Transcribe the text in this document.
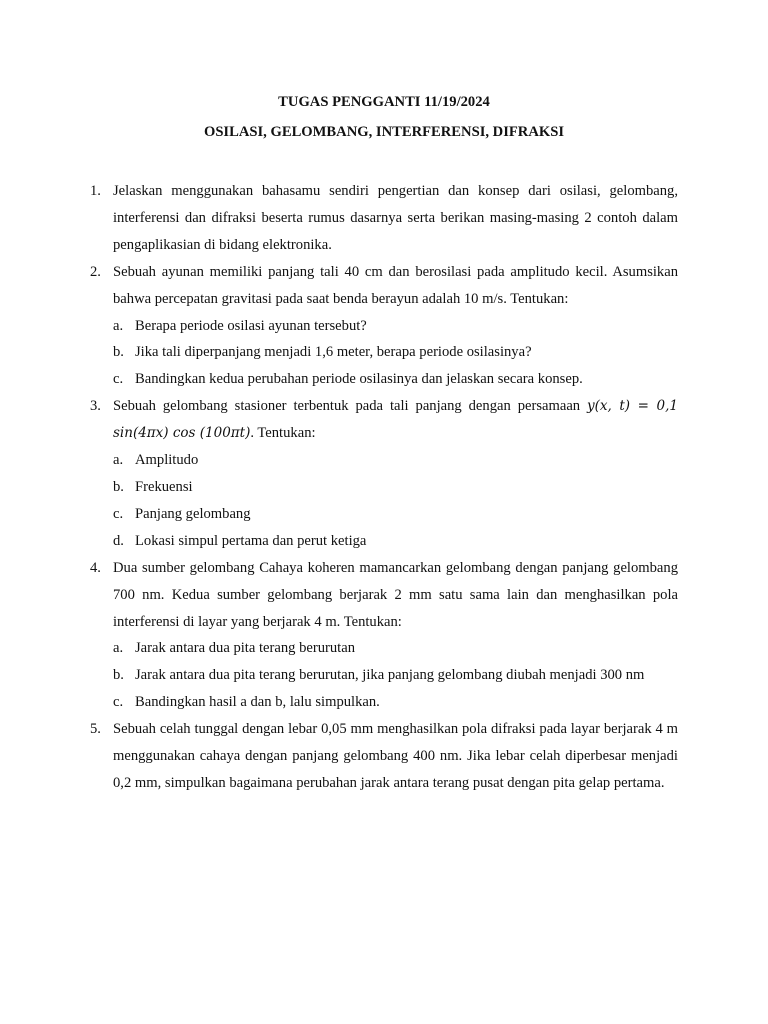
TUGAS PENGGANTI 11/19/2024
OSILASI, GELOMBANG, INTERFERENSI, DIFRAKSI
1. Jelaskan menggunakan bahasamu sendiri pengertian dan konsep dari osilasi, gelombang, interferensi dan difraksi beserta rumus dasarnya serta berikan masing-masing 2 contoh dalam pengaplikasian di bidang elektronika.
2. Sebuah ayunan memiliki panjang tali 40 cm dan berosilasi pada amplitudo kecil. Asumsikan bahwa percepatan gravitasi pada saat benda berayun adalah 10 m/s. Tentukan:
a. Berapa periode osilasi ayunan tersebut?
b. Jika tali diperpanjang menjadi 1,6 meter, berapa periode osilasinya?
c. Bandingkan kedua perubahan periode osilasinya dan jelaskan secara konsep.
3. Sebuah gelombang stasioner terbentuk pada tali panjang dengan persamaan y(x, t) = 0,1 sin(4πx) cos (100πt). Tentukan:
a. Amplitudo
b. Frekuensi
c. Panjang gelombang
d. Lokasi simpul pertama dan perut ketiga
4. Dua sumber gelombang Cahaya koheren mamancarkan gelombang dengan panjang gelombang 700 nm. Kedua sumber gelombang berjarak 2 mm satu sama lain dan menghasilkan pola interferensi di layar yang berjarak 4 m. Tentukan:
a. Jarak antara dua pita terang berurutan
b. Jarak antara dua pita terang berurutan, jika panjang gelombang diubah menjadi 300 nm
c. Bandingkan hasil a dan b, lalu simpulkan.
5. Sebuah celah tunggal dengan lebar 0,05 mm menghasilkan pola difraksi pada layar berjarak 4 m menggunakan cahaya dengan panjang gelombang 400 nm. Jika lebar celah diperbesar menjadi 0,2 mm, simpulkan bagaimana perubahan jarak antara terang pusat dengan pita gelap pertama.
